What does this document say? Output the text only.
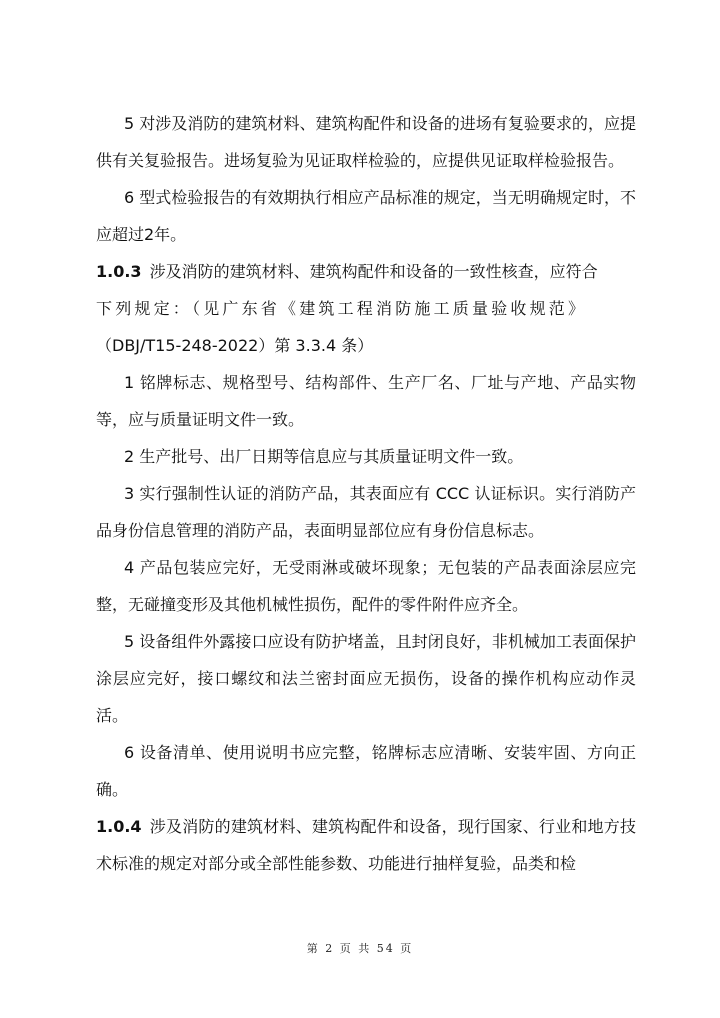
5 对涉及消防的建筑材料、建筑构配件和设备的进场有复验要求的，应提供有关复验报告。进场复验为见证取样检验的，应提供见证取样检验报告。

6 型式检验报告的有效期执行相应产品标准的规定，当无明确规定时，不应超过2年。

1.0.3 涉及消防的建筑材料、建筑构配件和设备的一致性核查，应符合
下列规定：（见广东省《建筑工程消防施工质量验收规范》
（DBJ/T15-248-2022）第 3.3.4 条）

1 铭牌标志、规格型号、结构部件、生产厂名、厂址与产地、产品实物等，应与质量证明文件一致。

2 生产批号、出厂日期等信息应与其质量证明文件一致。

3 实行强制性认证的消防产品，其表面应有 CCC 认证标识。实行消防产品身份信息管理的消防产品，表面明显部位应有身份信息标志。

4 产品包装应完好，无受雨淋或破坏现象；无包装的产品表面涂层应完整，无碰撞变形及其他机械性损伤，配件的零件附件应齐全。

5 设备组件外露接口应设有防护堵盖，且封闭良好，非机械加工表面保护涂层应完好，接口螺纹和法兰密封面应无损伤，设备的操作机构应动作灵活。

6 设备清单、使用说明书应完整，铭牌标志应清晰、安装牢固、方向正确。

1.0.4 涉及消防的建筑材料、建筑构配件和设备，现行国家、行业和地方技术标准的规定对部分或全部性能参数、功能进行抽样复验，品类和检

第 2 页 共 54 页
